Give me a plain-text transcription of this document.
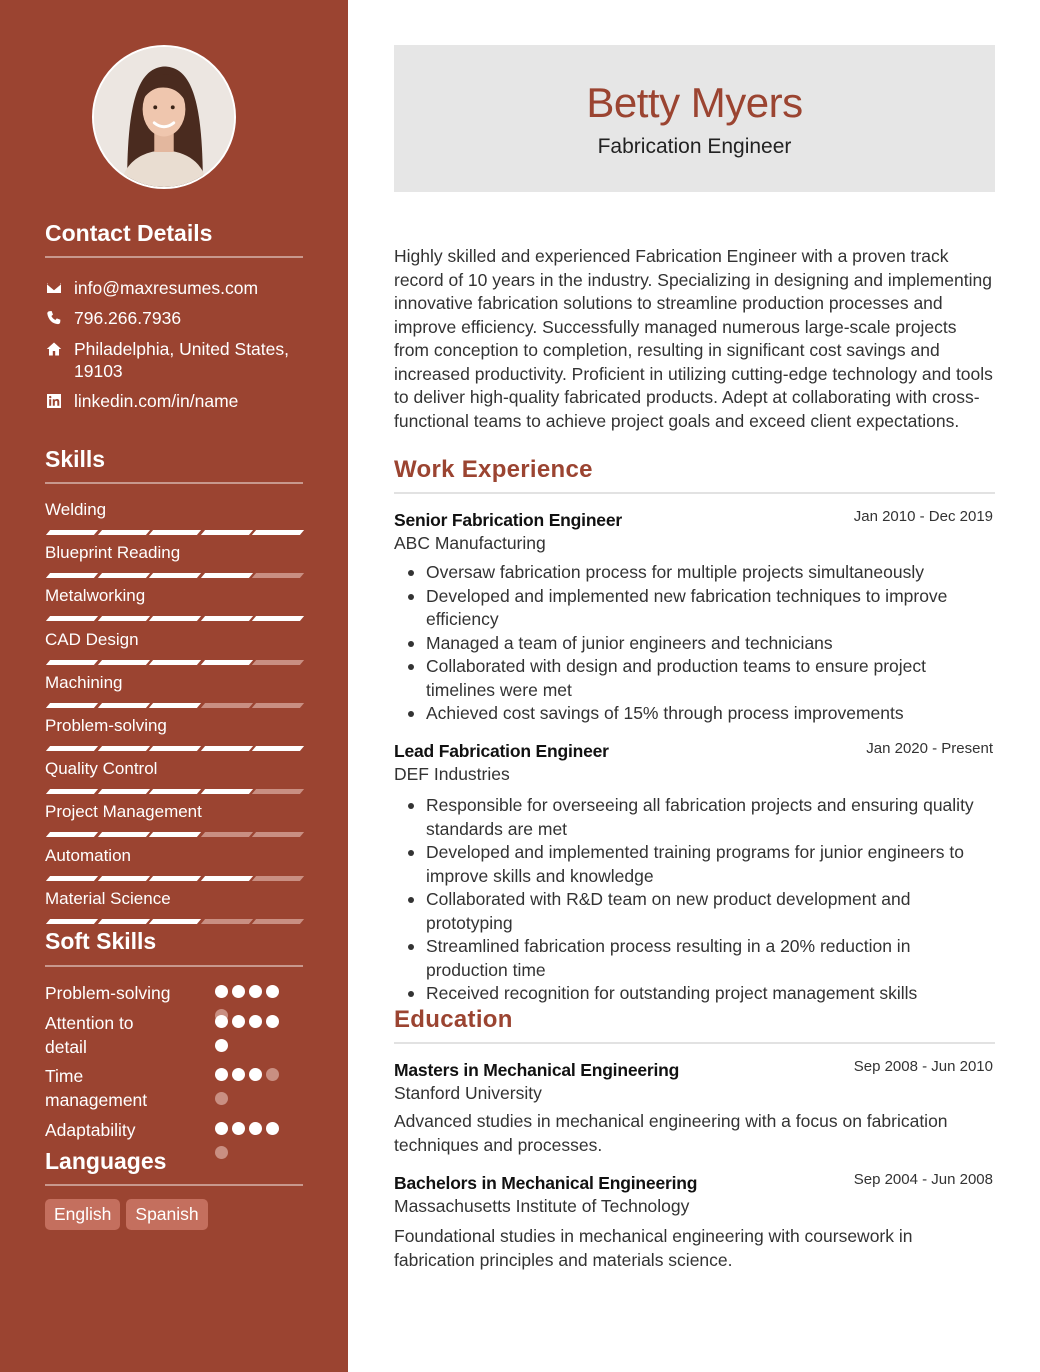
Contact Details
info@maxresumes.com
796.266.7936
Philadelphia, United States, 19103
linkedin.com/in/name
Skills
Welding
Blueprint Reading
Metalworking
CAD Design
Machining
Problem-solving
Quality Control
Project Management
Automation
Material Science
Soft Skills
Problem-solving
Attention to detail
Time management
Adaptability
Languages
English	Spanish
Betty Myers
Fabrication Engineer

Highly skilled and experienced Fabrication Engineer with a proven track record of 10 years in the industry. Specializing in designing and implementing innovative fabrication solutions to streamline production processes and improve efficiency. Successfully managed numerous large-scale projects from conception to completion, resulting in significant cost savings and increased productivity. Proficient in utilizing cutting-edge technology and tools to deliver high-quality fabricated products. Adept at collaborating with cross-functional teams to achieve project goals and exceed client expectations.

Work Experience
Senior Fabrication Engineer	Jan 2010 - Dec 2019
ABC Manufacturing
Oversaw fabrication process for multiple projects simultaneously
Developed and implemented new fabrication techniques to improve efficiency
Managed a team of junior engineers and technicians
Collaborated with design and production teams to ensure project timelines were met
Achieved cost savings of 15% through process improvements
Lead Fabrication Engineer	Jan 2020 - Present
DEF Industries
Responsible for overseeing all fabrication projects and ensuring quality standards are met
Developed and implemented training programs for junior engineers to improve skills and knowledge
Collaborated with R&D team on new product development and prototyping
Streamlined fabrication process resulting in a 20% reduction in production time
Received recognition for outstanding project management skills
Education
Masters in Mechanical Engineering	Sep 2008 - Jun 2010
Stanford University

Advanced studies in mechanical engineering with a focus on fabrication techniques and processes.

Bachelors in Mechanical Engineering	Sep 2004 - Jun 2008
Massachusetts Institute of Technology

Foundational studies in mechanical engineering with coursework in fabrication principles and materials science.
